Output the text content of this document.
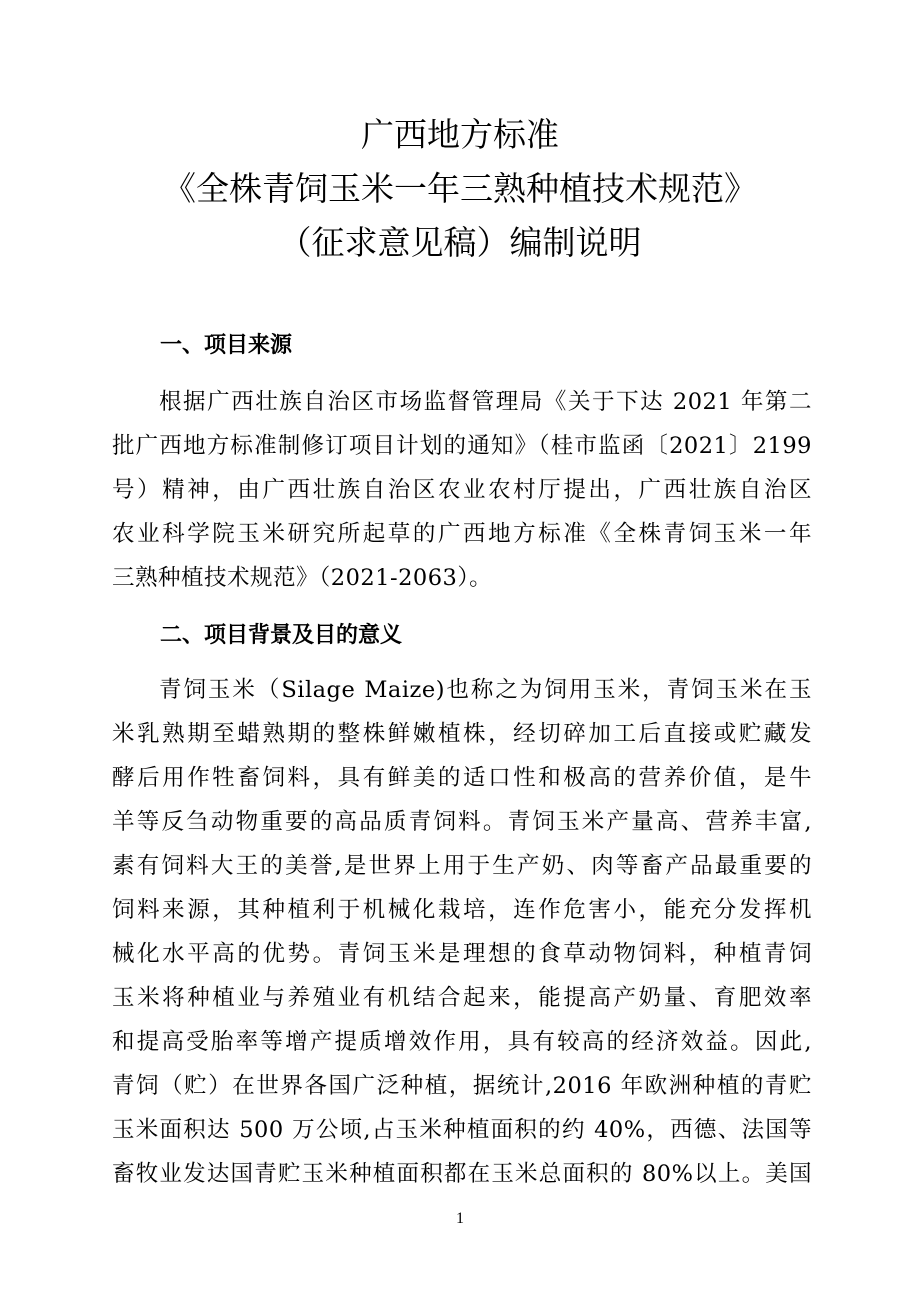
广西地方标准
《全株青饲玉米一年三熟种植技术规范》
（征求意见稿）编制说明
一、项目来源
根据广西壮族自治区市场监督管理局《关于下达 2021 年第二
批广西地方标准制修订项目计划的通知》（桂市监函〔2021〕2199
号）精神，由广西壮族自治区农业农村厅提出，广西壮族自治区
农业科学院玉米研究所起草的广西地方标准《全株青饲玉米一年
三熟种植技术规范》（2021-2063）。
二、项目背景及目的意义
青饲玉米（Silage Maize)也称之为饲用玉米，青饲玉米在玉
米乳熟期至蜡熟期的整株鲜嫩植株，经切碎加工后直接或贮藏发
酵后用作牲畜饲料，具有鲜美的适口性和极高的营养价值，是牛
羊等反刍动物重要的高品质青饲料。青饲玉米产量高、营养丰富,
素有饲料大王的美誉,是世界上用于生产奶、肉等畜产品最重要的
饲料来源，其种植利于机械化栽培，连作危害小，能充分发挥机
械化水平高的优势。青饲玉米是理想的食草动物饲料，种植青饲
玉米将种植业与养殖业有机结合起来，能提高产奶量、育肥效率
和提高受胎率等增产提质增效作用，具有较高的经济效益。因此,
青饲（贮）在世界各国广泛种植，据统计,2016 年欧洲种植的青贮
玉米面积达 500 万公顷,占玉米种植面积的约 40%，西德、法国等
畜牧业发达国青贮玉米种植面积都在玉米总面积的 80%以上。美国
1
